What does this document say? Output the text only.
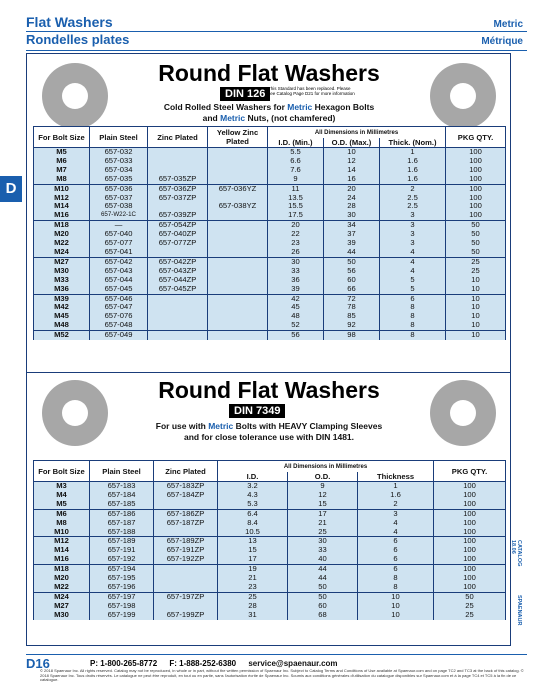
Flat Washers
Rondelles plates
Metric
Métrique
D
Round Flat Washers
DIN 126 This Standard has been replaced. Please see Catalog Page D21 for more information
Cold Rolled Steel Washers for Metric Hexagon Bolts
and Metric Nuts, (not chamfered)
For Bolt Size	Plain Steel	Zinc Plated	Yellow Zinc Plated	All Dimensions in Millimetres			PKG QTY.
				I.D. (Min.)	O.D. (Max.)	Thick. (Nom.)	
M5	657-032			5.5	10	1	100
M6	657-033			6.6	12	1.6	100
M7	657-034			7.6	14	1.6	100
M8	657-035	657-035ZP		9	16	1.6	100
M10	657-036	657-036ZP	657-036YZ	11	20	2	100
M12	657-037	657-037ZP		13.5	24	2.5	100
M14	657-038		657-038YZ	15.5	28	2.5	100
M16	657-W22-1C	657-039ZP		17.5	30	3	100
M18	—	657-054ZP		20	34	3	50
M20	657-040	657-040ZP		22	37	3	50
M22	657-077	657-077ZP		23	39	3	50
M24	657-041			26	44	4	50
M27	657-042	657-042ZP		30	50	4	25
M30	657-043	657-043ZP		33	56	4	25
M33	657-044	657-044ZP		36	60	5	10
M36	657-045	657-045ZP		39	66	5	10
M39	657-046			42	72	6	10
M42	657-047			45	78	8	10
M45	657-076			48	85	8	10
M48	657-048			52	92	8	10
M52	657-049			56	98	8	10
Round Flat Washers
DIN 7349
For use with Metric Bolts with HEAVY Clamping Sleeves
and for close tolerance use with DIN 1481.
For Bolt Size	Plain Steel	Zinc Plated	All Dimensions in Millimetres			PKG QTY.
			I.D.	O.D.	Thickness	
M3	657-183	657-183ZP	3.2	9	1	100
M4	657-184	657-184ZP	4.3	12	1.6	100
M5	657-185		5.3	15	2	100
M6	657-186	657-186ZP	6.4	17	3	100
M8	657-187	657-187ZP	8.4	21	4	100
M10	657-188		10.5	25	4	100
M12	657-189	657-189ZP	13	30	6	100
M14	657-191	657-191ZP	15	33	6	100
M16	657-192	657-192ZP	17	40	6	100
M18	657-194		19	44	6	100
M20	657-195		21	44	8	100
M22	657-196		23	50	8	100
M24	657-197	657-197ZP	25	50	10	50
M27	657-198		28	60	10	25
M30	657-199	657-199ZP	31	68	10	25
CATALOG 18.06
SPAENAUR
D16	P: 1-800-265-8772 F: 1-888-252-6380 service@spaenaur.com
© 2018 Spaenaur Inc. All rights reserved. Catalog may not be reproduced, in whole or in part, without the written permission of Spaenaur Inc. Subject to Catalog Terms and Conditions of Use available at Spaenaur.com and on page TC2 and TC3 at the back of this catalog. © 2018 Spaenaur Inc. Tous droits réservés. Le catalogue ne peut être reproduit, en tout ou en partie, sans l'autorisation écrite de Spaenaur Inc. Soumis aux conditions générales d'utilisation du catalogue disponibles sur Spaenaur.com et à la page TC4 et TC5 à la fin de ce catalogue.
